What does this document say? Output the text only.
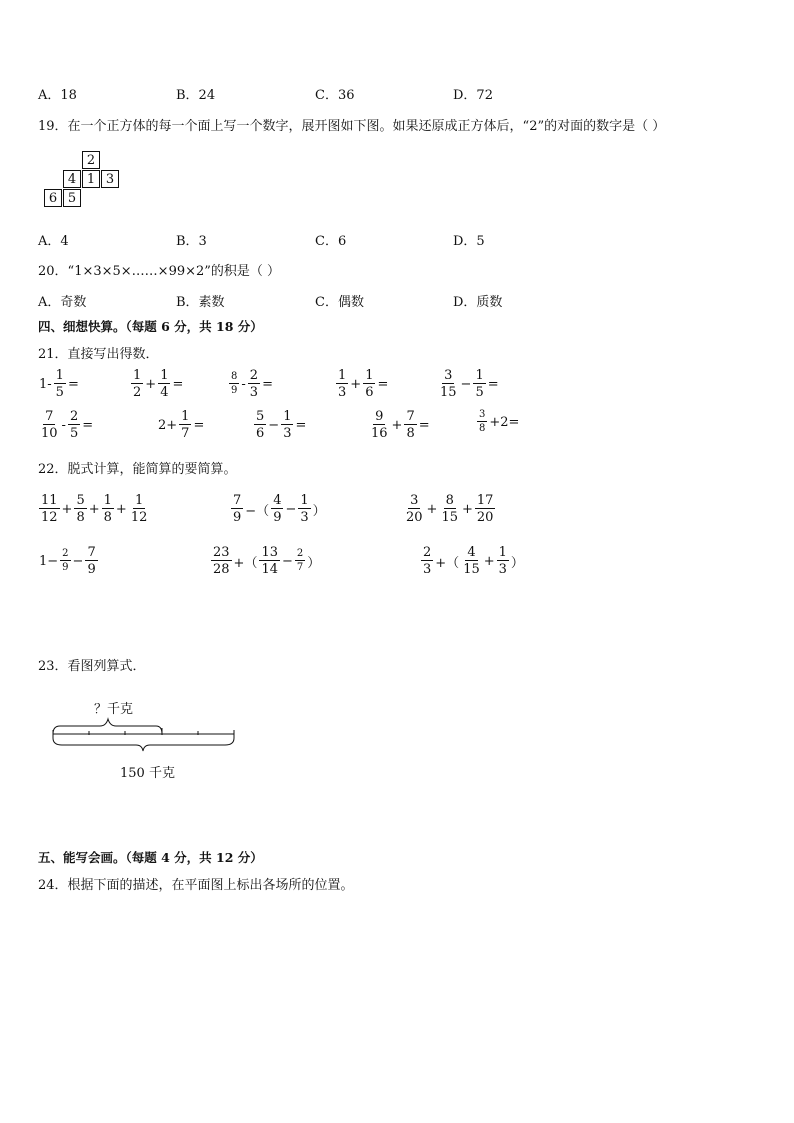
A．18	B．24	C．36	D．72
19．在一个正方体的每一个面上写一个数字，展开图如下图。如果还原成正方体后，“2”的对面的数字是（ ）
2
4 1 3
6 5
A．4	B．3	C．6	D．5
20．“1×3×5×……×99×2”的积是（ ）
A．奇数	B．素数	C．偶数	D．质数
四、细想快算。（每题 6 分，共 18 分）
21．直接写出得数．
$1- \frac{1}{5}$ =	$\frac{1}{2} + \frac{1}{4}$ =	$\frac{8}{9} - \frac{2}{3}$ =	$\frac{1}{3} + \frac{1}{6}$ =	$\frac{3}{15} - \frac{1}{5}$ =
$\frac{7}{10} - \frac{2}{5}$ =	$2+ \frac{1}{7}$ =	$\frac{5}{6} - \frac{1}{3}$ =	$\frac{9}{16} + \frac{7}{8}$ =	$\frac{3}{8} +2=$
22．脱式计算，能简算的要简算。
$\frac{11}{12} + \frac{5}{8} + \frac{1}{8} + \frac{1}{12}$	$\frac{7}{9}$ −（ $\frac{4}{9} - \frac{1}{3}$ ）	$\frac{3}{20} + \frac{8}{15} + \frac{17}{20}$
$1- \frac{2}{9} - \frac{7}{9}$	$\frac{23}{28}$ +（ $\frac{13}{14} - \frac{2}{7}$ ）	$\frac{2}{3}$ +（ $\frac{4}{15} + \frac{1}{3}$ ）
23．看图列算式．
？千克
150 千克
五、能写会画。（每题 4 分，共 12 分）
24．根据下面的描述，在平面图上标出各场所的位置。
